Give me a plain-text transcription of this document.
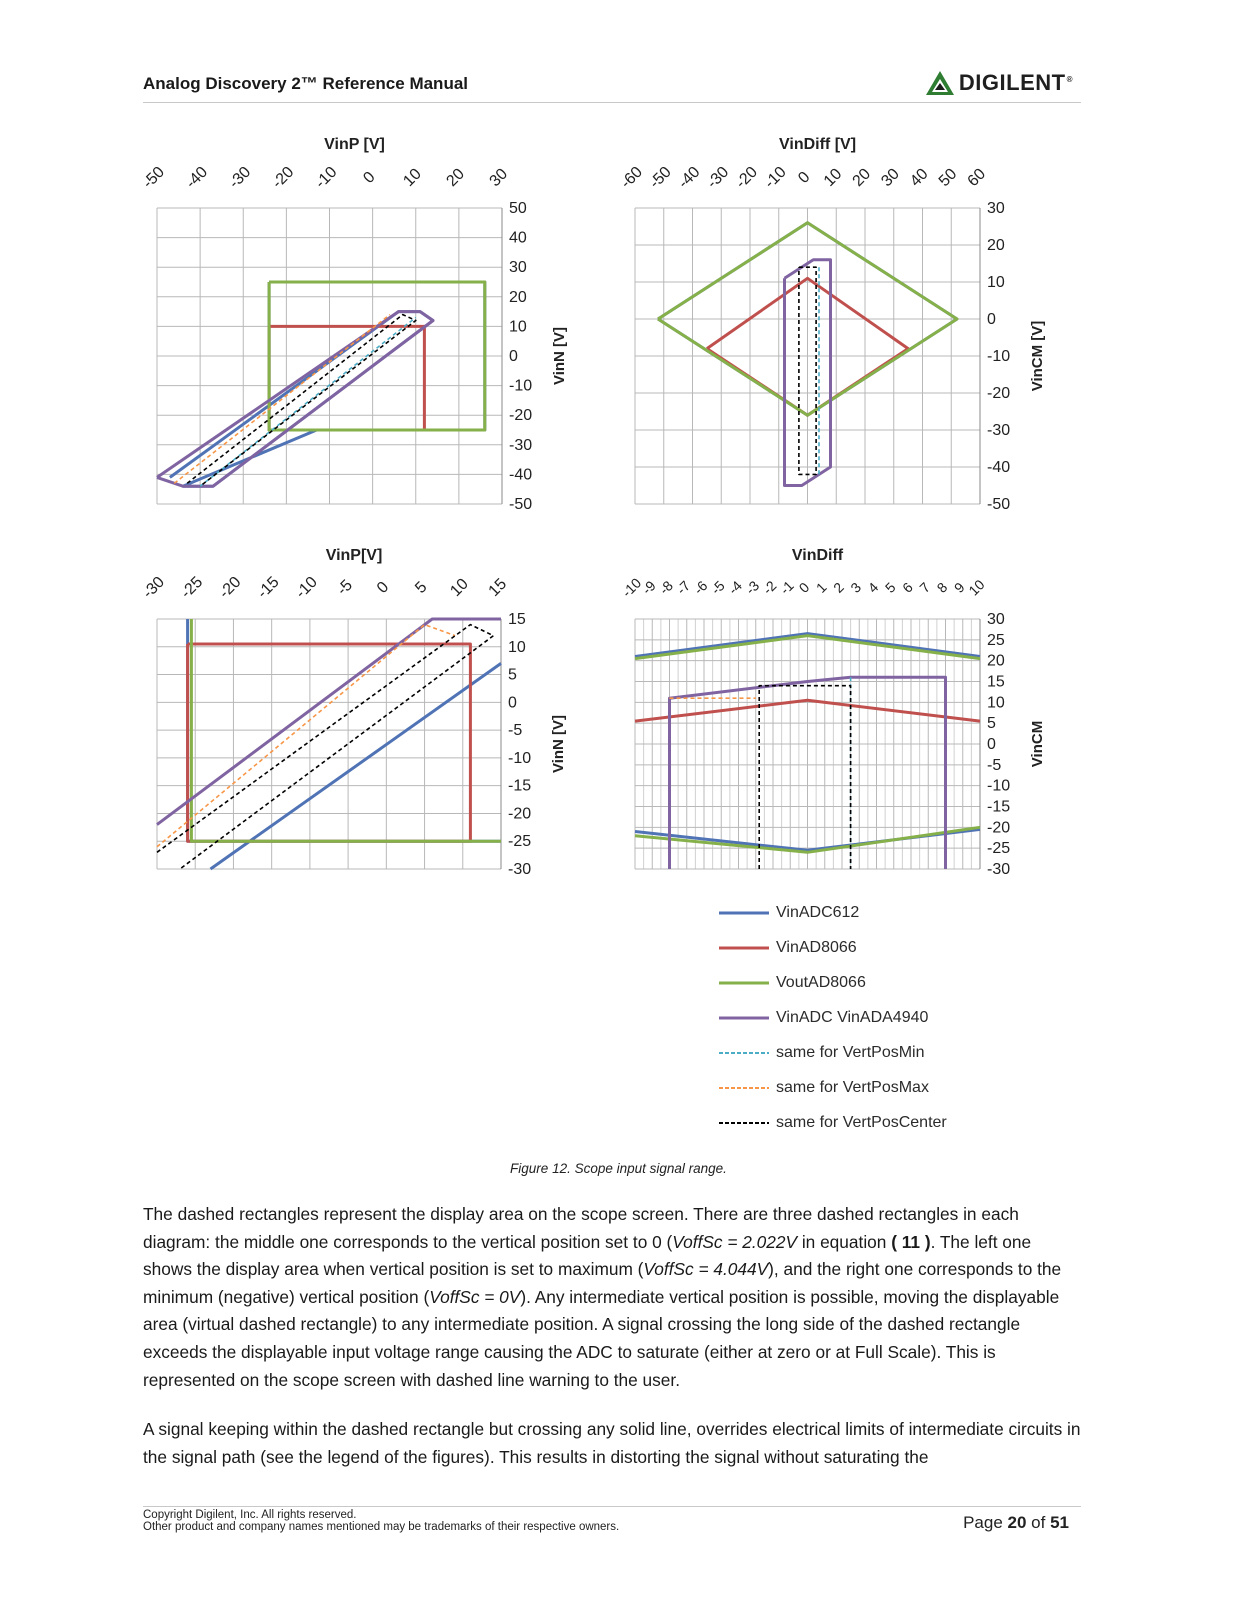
Analog Discovery 2™ Reference Manual	DIGILENT®
VinP [V]
-50 -40 -30 -20 -10 0 10 20 30
50
40
30
20
10
0
-10
-20
-30
-40
-50
VinN [V]
VinDiff [V]
-60 -50 -40 -30 -20 -10 0 10 20 30 40 50 60
30
20
10
0
-10
-20
-30
-40
-50
VinCM [V]
VinP[V]
-30 -25 -20 -15 -10 -5 0 5 10 15
15
10
5
0
-5
-10
-15
-20
-25
-30
VinN [V]
VinDiff
-10
-9
-8
-7
-6
-5
-4
-3
-2
-1
0 1 2 3 4 5 6 7 8 9
10
30
25
20
15
10
5
0
-5
-10
-15
-20
-25
-30
VinCM
VinADC612
VinAD8066
VoutAD8066
VinADC VinADA4940
same for VertPosMin
same for VertPosMax
same for VertPosCenter
Figure 12. Scope input signal range.

The dashed rectangles represent the display area on the scope screen. There are three dashed rectangles in each diagram: the middle one corresponds to the vertical position set to 0 (VoffSc = 2.022V in equation ( 11 ). The left one shows the display area when vertical position is set to maximum (VoffSc = 4.044V), and the right one corresponds to the minimum (negative) vertical position (VoffSc = 0V). Any intermediate vertical position is possible, moving the displayable area (virtual dashed rectangle) to any intermediate position. A signal crossing the long side of the dashed rectangle exceeds the displayable input voltage range causing the ADC to saturate (either at zero or at Full Scale). This is represented on the scope screen with dashed line warning to the user.

A signal keeping within the dashed rectangle but crossing any solid line, overrides electrical limits of intermediate circuits in the signal path (see the legend of the figures). This results in distorting the signal without saturating the

Copyright Digilent, Inc. All rights reserved.
Other product and company names mentioned may be trademarks of their respective owners.	Page 20 of 51
